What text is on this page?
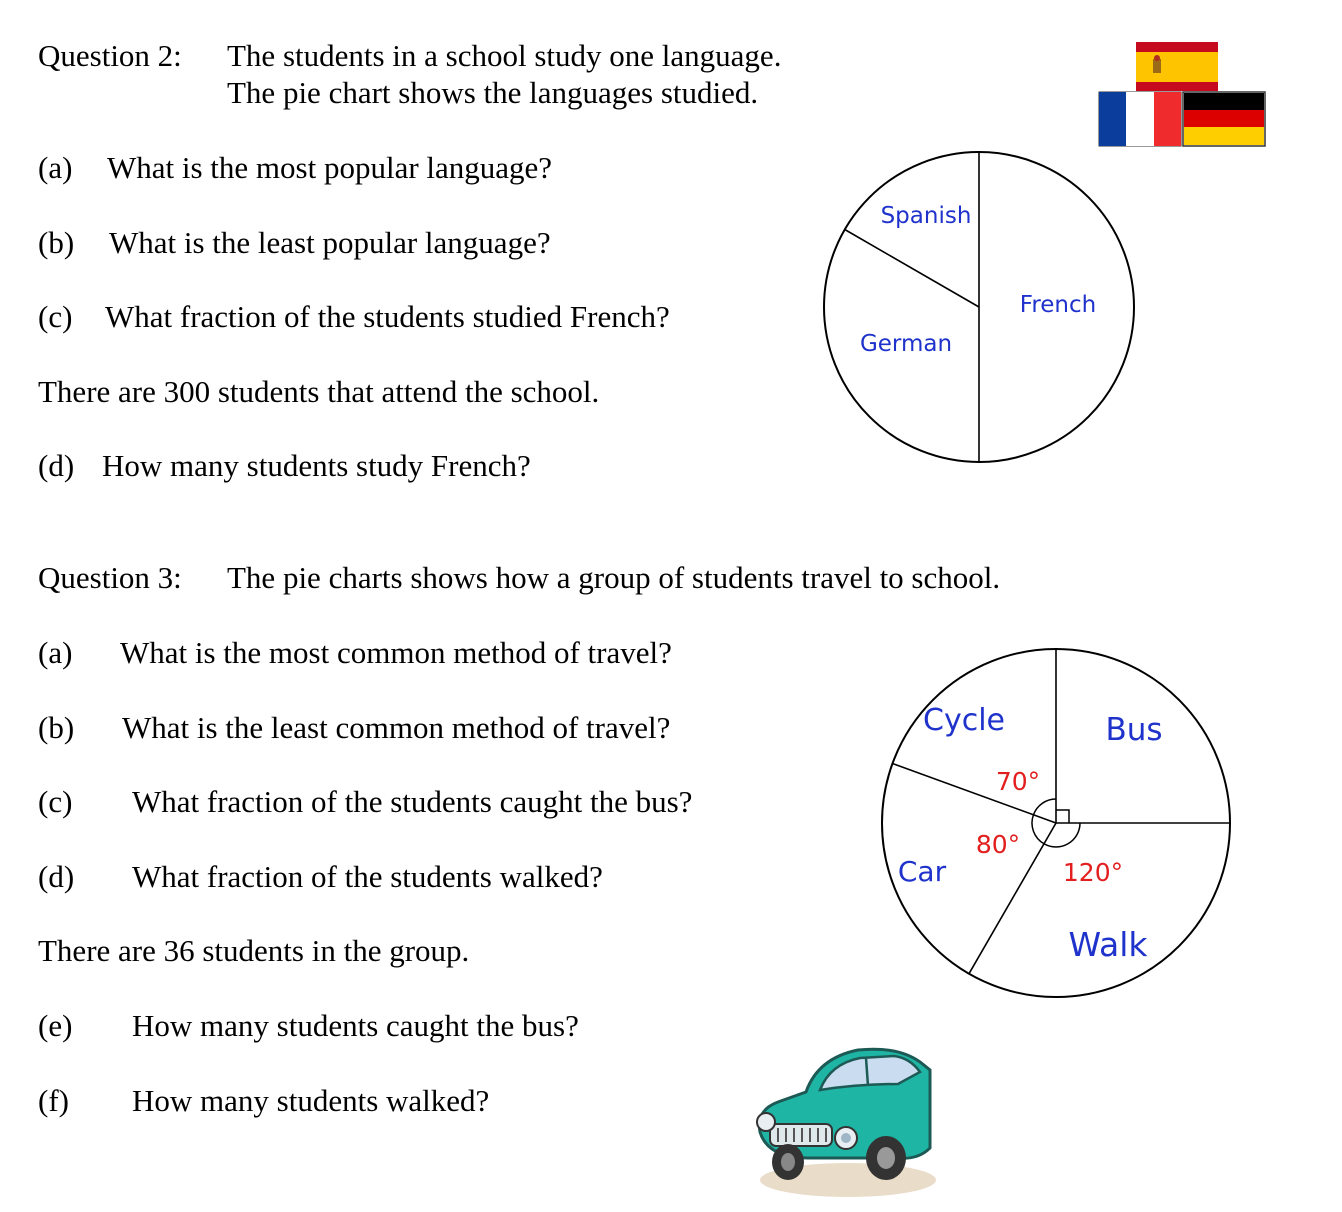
Question 2: The students in a school study one language.
The pie chart shows the languages studied.
(a) What is the most popular language?
(b) What is the least popular language?
(c) What fraction of the students studied French?
There are 300 students that attend the school.
(d) How many students study French?
Spanish
French
German
Question 3: The pie charts shows how a group of students travel to school.
(a) What is the most common method of travel?
(b) What is the least common method of travel?
(c) What fraction of the students caught the bus?
(d) What fraction of the students walked?
There are 36 students in the group.
(e) How many students caught the bus?
(f) How many students walked?
Cycle	Bus
Car
Walk
70°
80°
120°
